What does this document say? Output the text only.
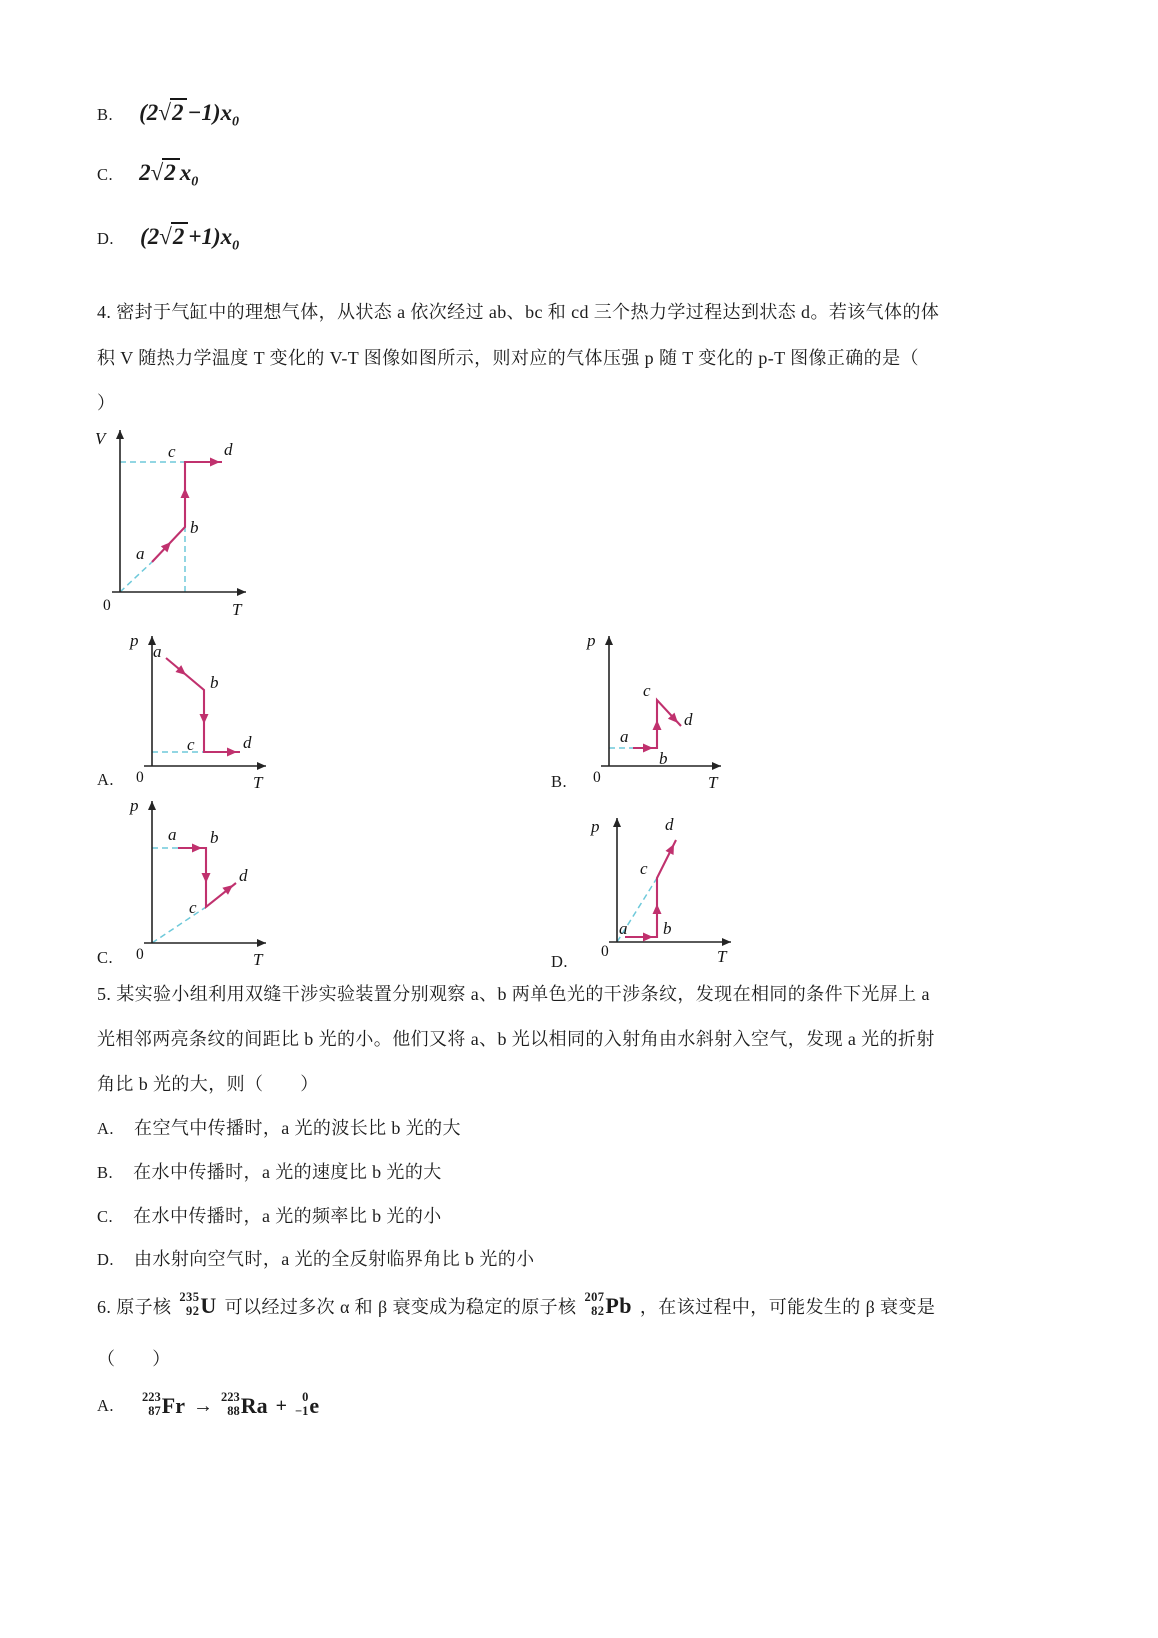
B. $(2√2 -1)x_0$
C. 2√2 $x_0$
D. $(2√2 +1)x_0$
4. 密封于气缸中的理想气体，从状态 a 依次经过 ab、bc 和 cd 三个热力学过程达到状态 d。若该气体的体
积 V 随热力学温度 T 变化的 V-T 图像如图所示，则对应的气体压强 p 随 T 变化的 p-T 图像正确的是（
）
V
T
0
a
b
c	d
A.
p
T
0
a
b
c	d
B.
p
T
0
a
b
c
d
C.
p
T
0
a b
c
d
D.
p
T
0
a b
c
d
5. 某实验小组利用双缝干涉实验装置分别观察 a、b 两单色光的干涉条纹，发现在相同的条件下光屏上 a
光相邻两亮条纹的间距比 b 光的小。他们又将 a、b 光以相同的入射角由水斜射入空气，发现 a 光的折射
角比 b 光的大，则（　　）
A. 在空气中传播时，a 光的波长比 b 光的大
B. 在水中传播时，a 光的速度比 b 光的大
C. 在水中传播时，a 光的频率比 b 光的小
D. 由水射向空气时，a 光的全反射临界角比 b 光的小
6. 原子核
235
92 U 可以经过多次 α 和 β 衰变成为稳定的原子核
207
82 Pb ，在该过程中，可能发生的 β 衰变是
（　　）
A. 223
87 Fr → 223
88 Ra + 0
−1 e
